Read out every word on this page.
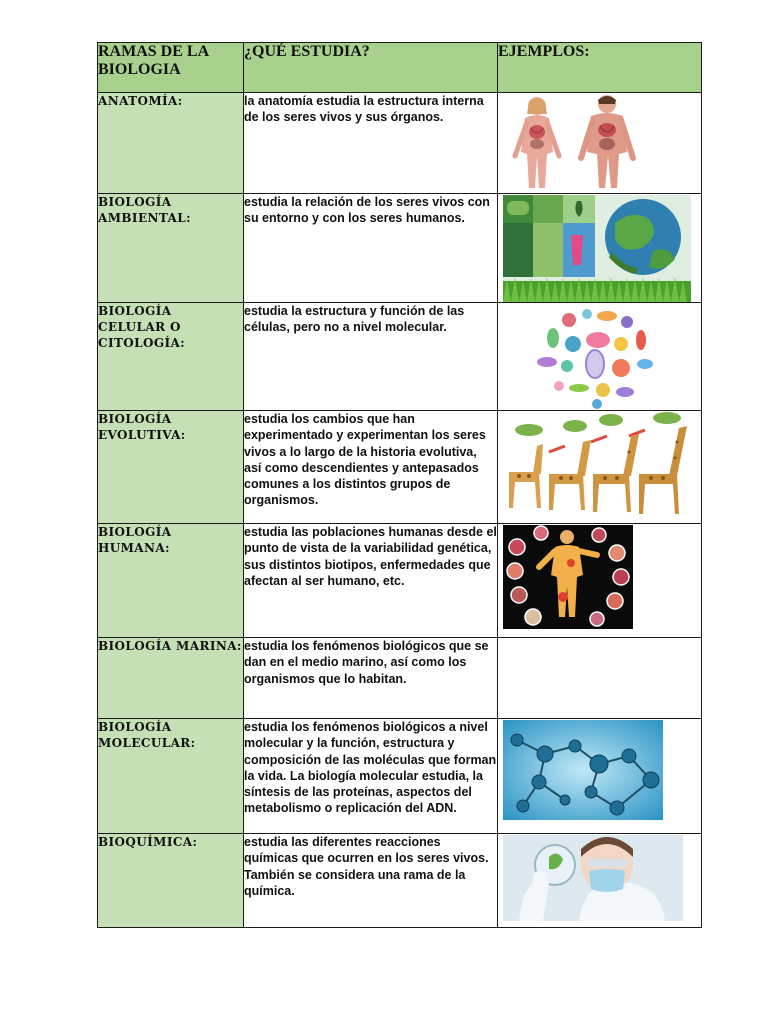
RAMAS DE LA BIOLOGIA	¿QUÉ ESTUDIA?	EJEMPLOS:
ANATOMÍA:	la anatomía estudia la estructura interna de los seres vivos y sus órganos.	

BIOLOGÍA AMBIENTAL:	estudia la relación de los seres vivos con su entorno y con los seres humanos.	

BIOLOGÍA CELULAR O CITOLOGÍA:	estudia la estructura y función de las células, pero no a nivel molecular.	

BIOLOGÍA EVOLUTIVA:	estudia los cambios que han experimentado y experimentan los seres vivos a lo largo de la historia evolutiva, así como descendientes y antepasados comunes a los distintos grupos de organismos.	

BIOLOGÍA HUMANA:	estudia las poblaciones humanas desde el punto de vista de la variabilidad genética, sus distintos biotipos, enfermedades que afectan al ser humano, etc.	

BIOLOGÍA MARINA:	estudia los fenómenos biológicos que se dan en el medio marino, así como los organismos que lo habitan.	
BIOLOGÍA MOLECULAR:	estudia los fenómenos biológicos a nivel molecular y la función, estructura y composición de las moléculas que forman la vida. La biología molecular estudia, la síntesis de las proteínas, aspectos del metabolismo o replicación del ADN.	

BIOQUÍMICA:	estudia las diferentes reacciones químicas que ocurren en los seres vivos. También se considera una rama de la química.	
